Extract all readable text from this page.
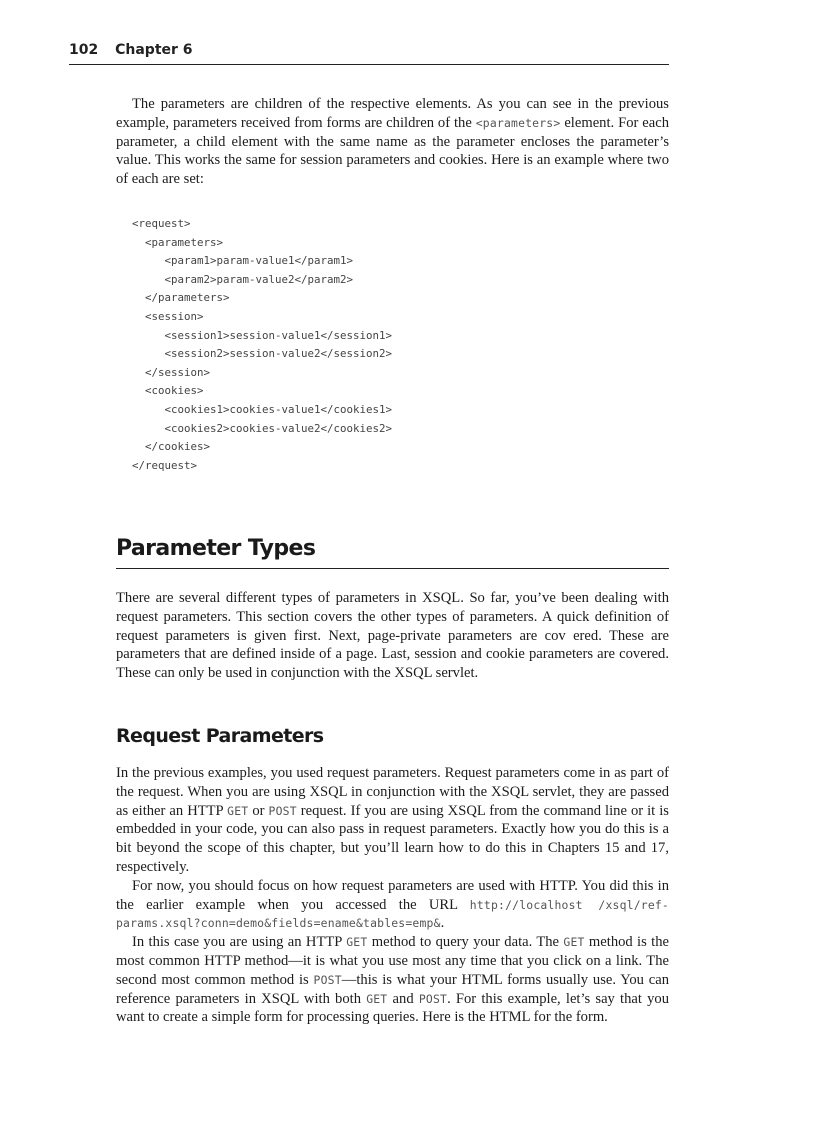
102 Chapter 6

The parameters are children of the respective elements. As you can see in the previous example, parameters received from forms are children of the <parameters> element. For each parameter, a child element with the same name as the parameter encloses the parameter’s value. This works the same for session parameters and cookies. Here is an example where two of each are set:

<request>
<parameters>
<param1>param-value1</param1>
<param2>param-value2</param2>
</parameters>
<session>
<session1>session-value1</session1>
<session2>session-value2</session2>
</session>
<cookies>
<cookies1>cookies-value1</cookies1>
<cookies2>cookies-value2</cookies2>
</cookies>
</request>
Parameter Types

There are several different types of parameters in XSQL. So far, you’ve been dealing with request parameters. This section covers the other types of parameters. A quick definition of request parameters is given first. Next, page-private parameters are cov ered. These are parameters that are defined inside of a page. Last, session and cookie parameters are covered. These can only be used in conjunction with the XSQL servlet.

Request Parameters

In the previous examples, you used request parameters. Request parameters come in as part of the request. When you are using XSQL in conjunction with the XSQL servlet, they are passed as either an HTTP GET or POST request. If you are using XSQL from the command line or it is embedded in your code, you can also pass in request parameters. Exactly how you do this is a bit beyond the scope of this chapter, but you’ll learn how to do this in Chapters 15 and 17, respectively.

For now, you should focus on how request parameters are used with HTTP. You did this in the earlier example when you accessed the URL http://localhost /xsql/ref-params.xsql?conn=demo&fields=ename&tables=emp&.

In this case you are using an HTTP GET method to query your data. The GET method is the most common HTTP method—it is what you use most any time that you click on a link. The second most common method is POST—this is what your HTML forms usually use. You can reference parameters in XSQL with both GET and POST. For this example, let’s say that you want to create a simple form for processing queries. Here is the HTML for the form.
